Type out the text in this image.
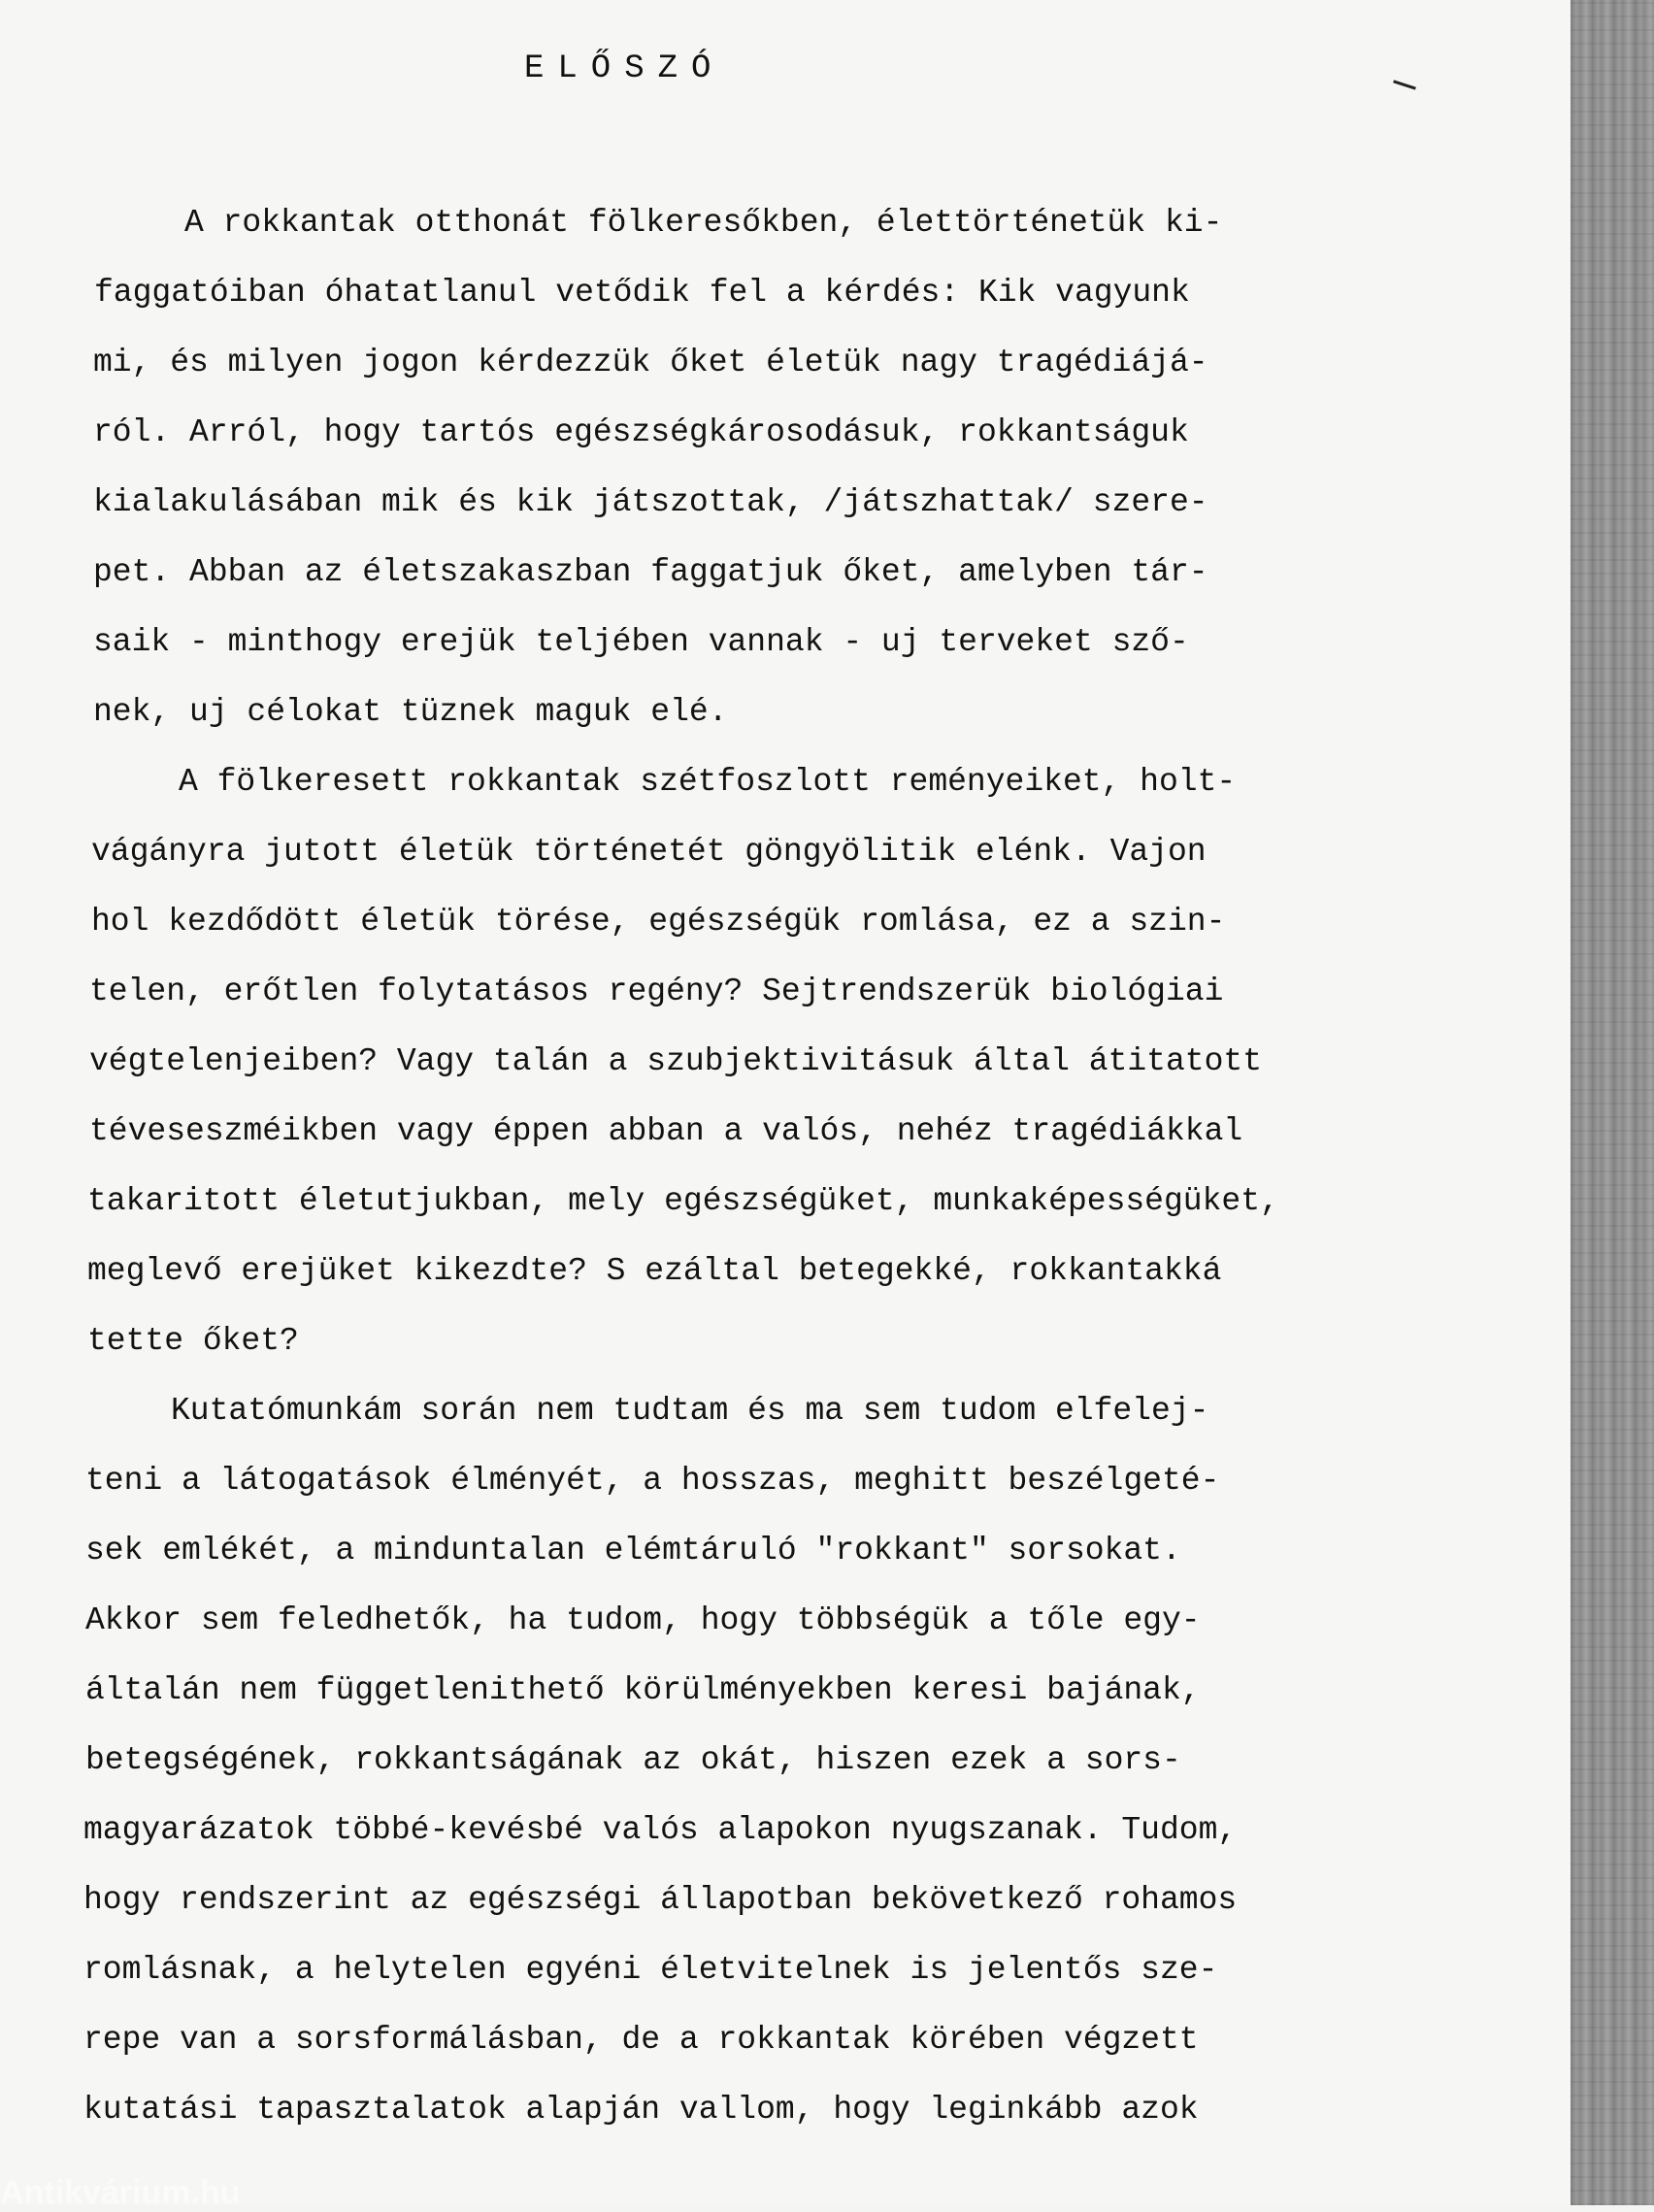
ELŐSZÓ
A rokkantak otthonát fölkeresőkben, élettörténetük ki-
faggatóiban óhatatlanul vetődik fel a kérdés: Kik vagyunk
mi, és milyen jogon kérdezzük őket életük nagy tragédiájá-
ról. Arról, hogy tartós egészségkárosodásuk, rokkantságuk
kialakulásában mik és kik játszottak, /játszhattak/ szere-
pet. Abban az életszakaszban faggatjuk őket, amelyben tár-
saik - minthogy erejük teljében vannak - uj terveket sző-
nek, uj célokat tüznek maguk elé.
A fölkeresett rokkantak szétfoszlott reményeiket, holt-
vágányra jutott életük történetét göngyölitik elénk. Vajon
hol kezdődött életük törése, egészségük romlása, ez a szin-
telen, erőtlen folytatásos regény? Sejtrendszerük biológiai
végtelenjeiben? Vagy talán a szubjektivitásuk által átitatott
téveseszméikben vagy éppen abban a valós, nehéz tragédiákkal
takaritott életutjukban, mely egészségüket, munkaképességüket,
meglevő erejüket kikezdte? S ezáltal betegekké, rokkantakká
tette őket?
Kutatómunkám során nem tudtam és ma sem tudom elfelej-
teni a látogatások élményét, a hosszas, meghitt beszélgeté-
sek emlékét, a minduntalan elémtáruló "rokkant" sorsokat.
Akkor sem feledhetők, ha tudom, hogy többségük a tőle egy-
általán nem függetlenithető körülményekben keresi bajának,
betegségének, rokkantságának az okát, hiszen ezek a sors-
magyarázatok többé-kevésbé valós alapokon nyugszanak. Tudom,
hogy rendszerint az egészségi állapotban bekövetkező rohamos
romlásnak, a helytelen egyéni életvitelnek is jelentős sze-
repe van a sorsformálásban, de a rokkantak körében végzett
kutatási tapasztalatok alapján vallom, hogy leginkább azok
Antikvárium.hu
